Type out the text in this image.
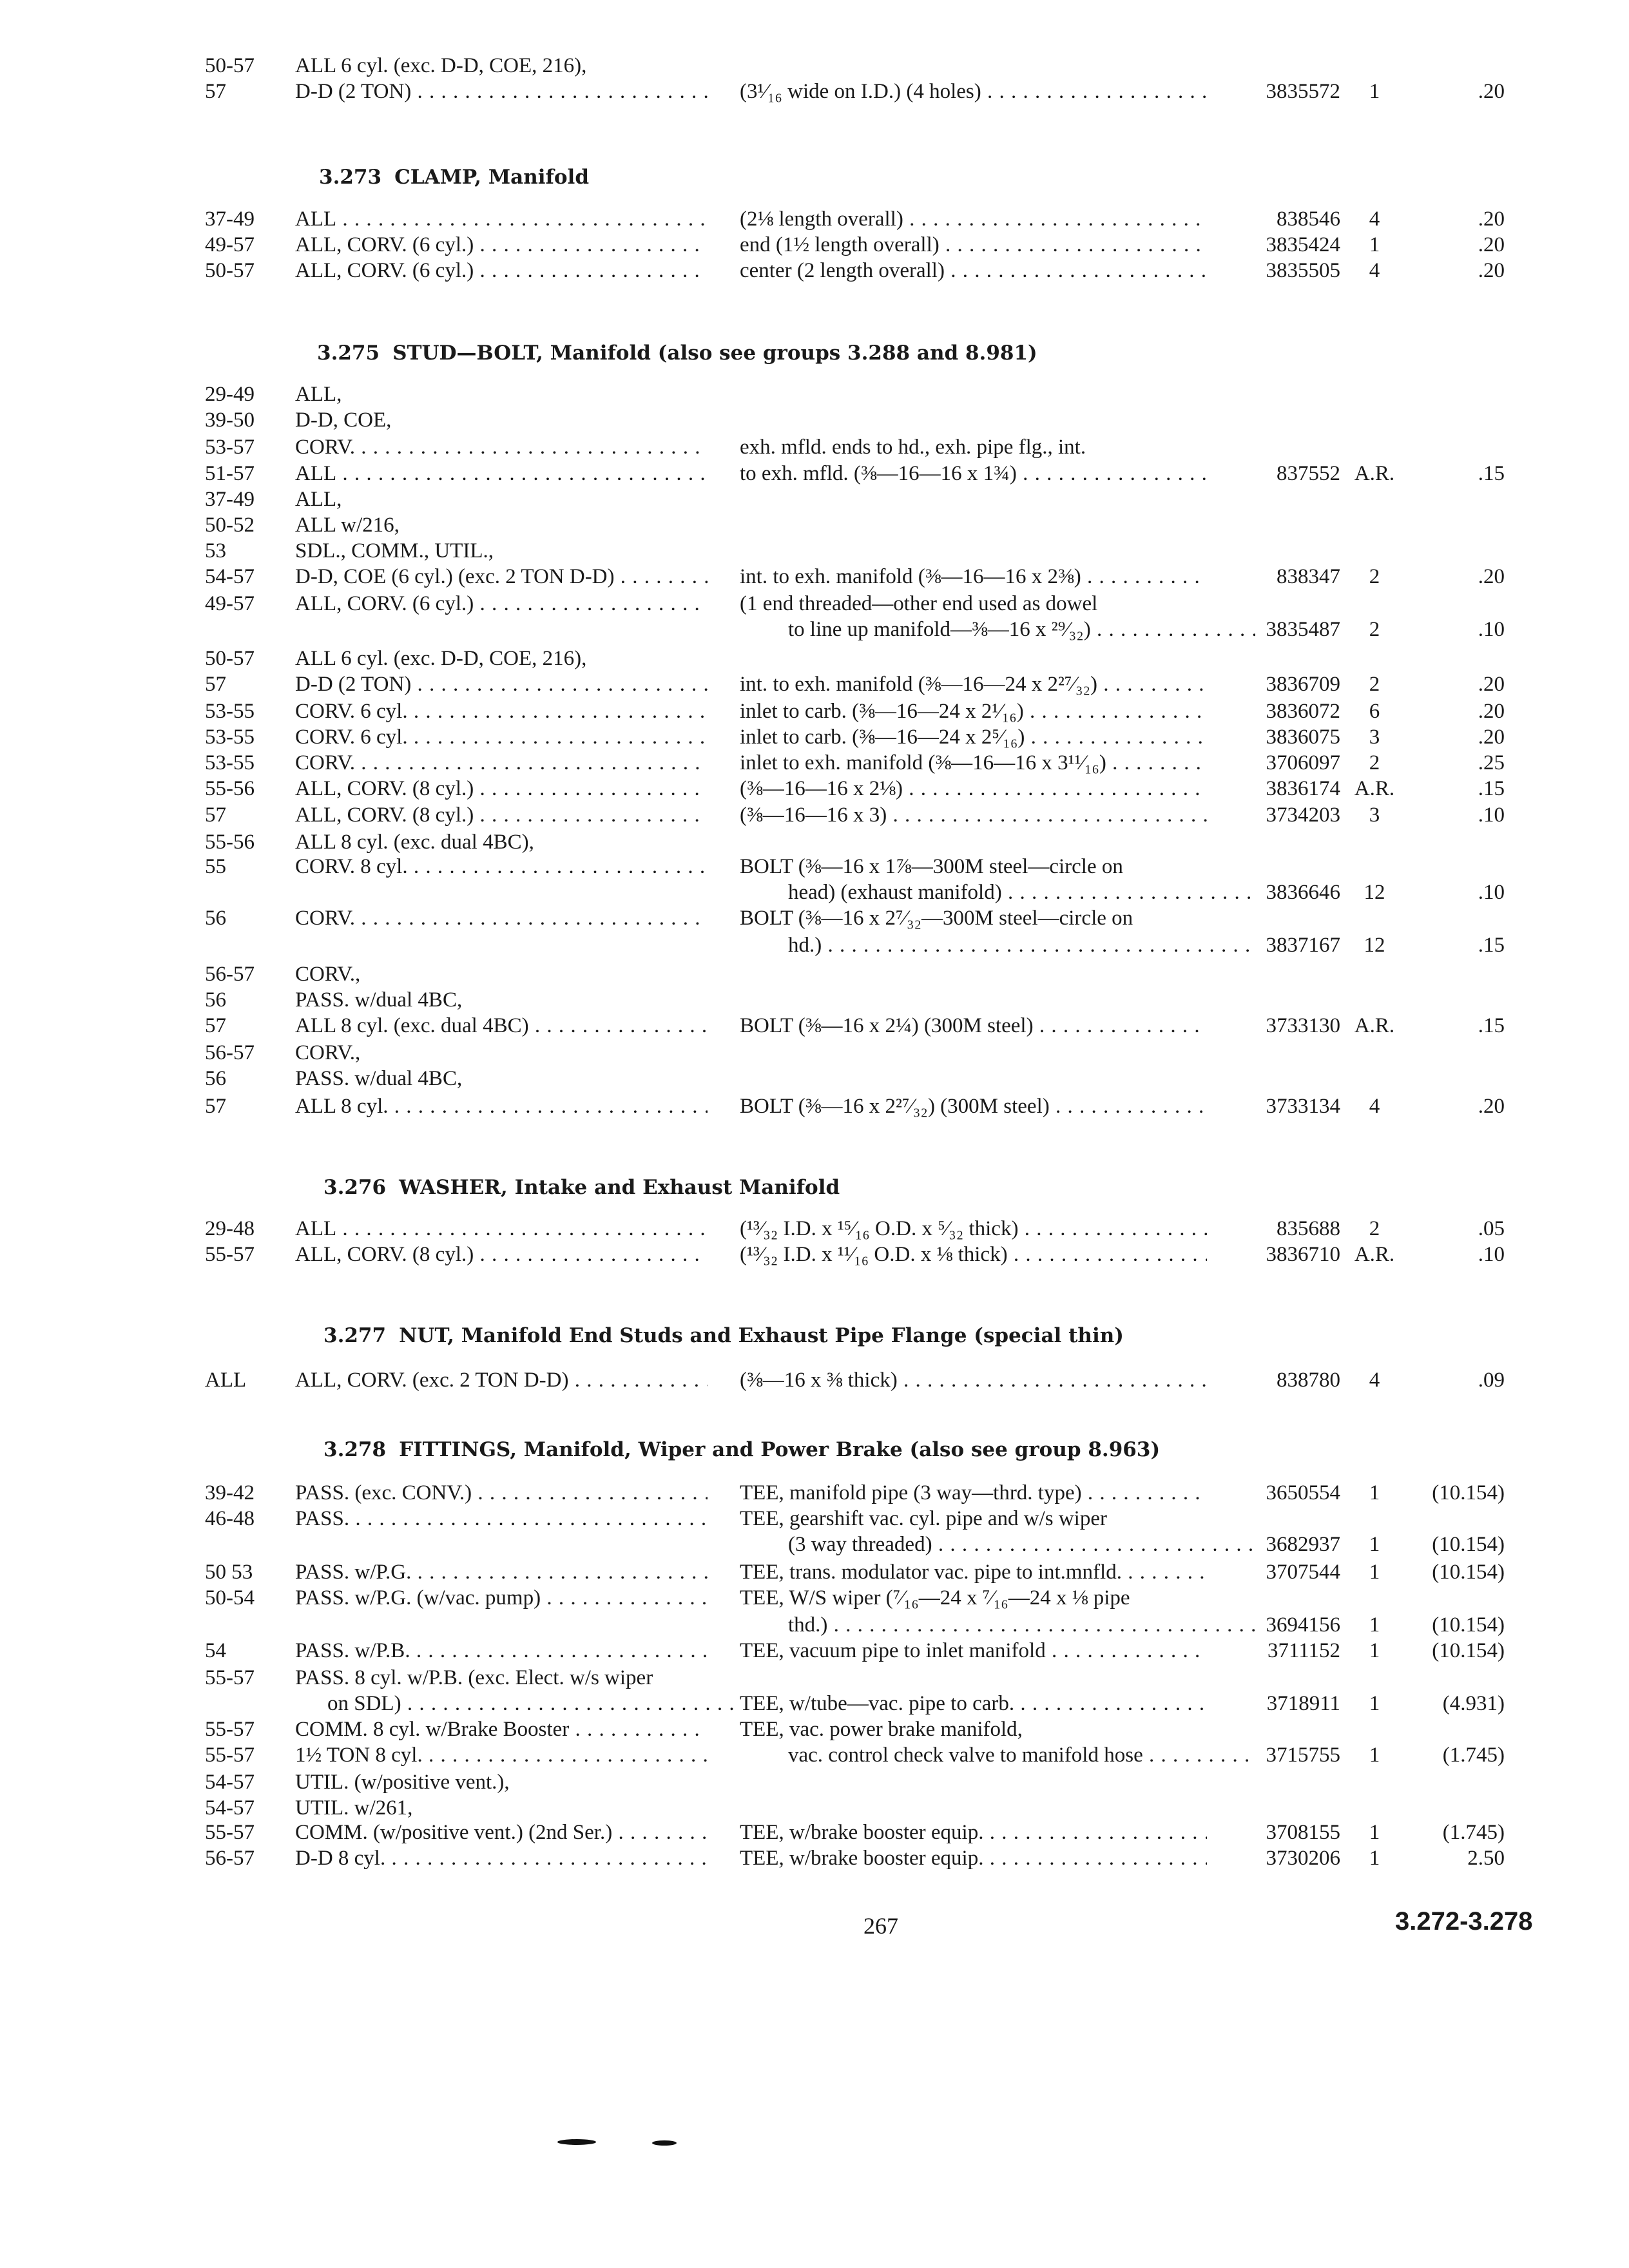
50-57	ALL 6 cyl. (exc. D-D, COE, 216),
57	D-D (2 TON) . . .	(3¹⁄₁₆ wide on I.D.) (4 holes) . . .	3835572	1	.20
3.273 CLAMP, Manifold
37-49	ALL . . .	(2⅛ length overall) . . .	838546	4	.20
49-57	ALL, CORV. (6 cyl.) . . .	end (1½ length overall) . . .	3835424	1	.20
50-57	ALL, CORV. (6 cyl.) . . .	center (2 length overall) . . .	3835505	4	.20
3.275 STUD—BOLT, Manifold (also see groups 3.288 and 8.981)
29-49	ALL,
39-50	D-D, COE,
53-57	CORV. . . .	exh. mfld. ends to hd., exh. pipe flg., int.
51-57	ALL . . .	to exh. mfld. (⅜—16—16 x 1¾) . . .	837552 A.R.	.15
37-49	ALL,
50-52	ALL w/216,
53	SDL., COMM., UTIL.,
54-57	D-D, COE (6 cyl.) (exc. 2 TON D-D) . . .	int. to exh. manifold (⅜—16—16 x 2⅜) . . .	838347	2	.20
49-57	ALL, CORV. (6 cyl.) . . .	(1 end threaded—other end used as dowel
to line up manifold—⅜—16 x ²⁹⁄₃₂) . . .	3835487	2	.10
50-57	ALL 6 cyl. (exc. D-D, COE, 216),
57	D-D (2 TON) . . .	int. to exh. manifold (⅜—16—24 x 2²⁷⁄₃₂) . . .	3836709	2	.20
53-55	CORV. 6 cyl. . . .	inlet to carb. (⅜—16—24 x 2¹⁄₁₆) . . .	3836072	6	.20
53-55	CORV. 6 cyl. . . .	inlet to carb. (⅜—16—24 x 2⁵⁄₁₆) . . .	3836075	3	.20
53-55	CORV. . . .	inlet to exh. manifold (⅜—16—16 x 3¹¹⁄₁₆) . . .	3706097	2	.25
55-56	ALL, CORV. (8 cyl.) . . .	(⅜—16—16 x 2⅛) . . .	3836174 A.R.	.15
57	ALL, CORV. (8 cyl.) . . .	(⅜—16—16 x 3) . . .	3734203	3	.10
55-56	ALL 8 cyl. (exc. dual 4BC),
55	CORV. 8 cyl. . . .	BOLT (⅜—16 x 1⅞—300M steel—circle on
head) (exhaust manifold) . . .	3836646	12	.10
56	CORV. . . .	BOLT (⅜—16 x 2⁷⁄₃₂—300M steel—circle on
hd.) . . .	3837167	12	.15
56-57	CORV.,
56	PASS. w/dual 4BC,
57	ALL 8 cyl. (exc. dual 4BC) . . .	BOLT (⅜—16 x 2¼) (300M steel) . . .	3733130 A.R.	.15
56-57	CORV.,
56	PASS. w/dual 4BC,
57	ALL 8 cyl. . . .	BOLT (⅜—16 x 2²⁷⁄₃₂) (300M steel) . . .	3733134	4	.20
3.276 WASHER, Intake and Exhaust Manifold
29-48	ALL . . .	(¹³⁄₃₂ I.D. x ¹⁵⁄₁₆ O.D. x ⁵⁄₃₂ thick) . . .	835688	2	.05
55-57	ALL, CORV. (8 cyl.) . . .	(¹³⁄₃₂ I.D. x ¹¹⁄₁₆ O.D. x ⅛ thick) . . .	3836710 A.R.	.10
3.277 NUT, Manifold End Studs and Exhaust Pipe Flange (special thin)
ALL	ALL, CORV. (exc. 2 TON D-D) . . .	(⅜—16 x ⅜ thick) . . .	838780	4	.09
3.278 FITTINGS, Manifold, Wiper and Power Brake (also see group 8.963)
39-42	PASS. (exc. CONV.) . . .	TEE, manifold pipe (3 way—thrd. type) . . .	3650554	1	(10.154)
46-48	PASS. . . .	TEE, gearshift vac. cyl. pipe and w/s wiper
(3 way threaded) . . .	3682937	1	(10.154)
50 53	PASS. w/P.G. . . .	TEE, trans. modulator vac. pipe to int.mnfld. . . .	3707544	1	(10.154)
50-54	PASS. w/P.G. (w/vac. pump) . . .	TEE, W/S wiper (⁷⁄₁₆—24 x ⁷⁄₁₆—24 x ⅛ pipe
thd.) . . .	3694156	1	(10.154)
54	PASS. w/P.B. . . .	TEE, vacuum pipe to inlet manifold . . .	3711152	1	(10.154)
55-57	PASS. 8 cyl. w/P.B. (exc. Elect. w/s wiper
on SDL) . . .	TEE, w/tube—vac. pipe to carb. . . .	3718911	1	(4.931)
55-57	COMM. 8 cyl. w/Brake Booster . . .	TEE, vac. power brake manifold,
55-57	1½ TON 8 cyl. . . .	vac. control check valve to manifold hose . . .	3715755	1	(1.745)
54-57	UTIL. (w/positive vent.),
54-57	UTIL. w/261,
55-57	COMM. (w/positive vent.) (2nd Ser.) . . .	TEE, w/brake booster equip. . . .	3708155	1	(1.745)
56-57	D-D 8 cyl. . . .	TEE, w/brake booster equip. . . .	3730206	1	2.50
267	3.272-3.278
